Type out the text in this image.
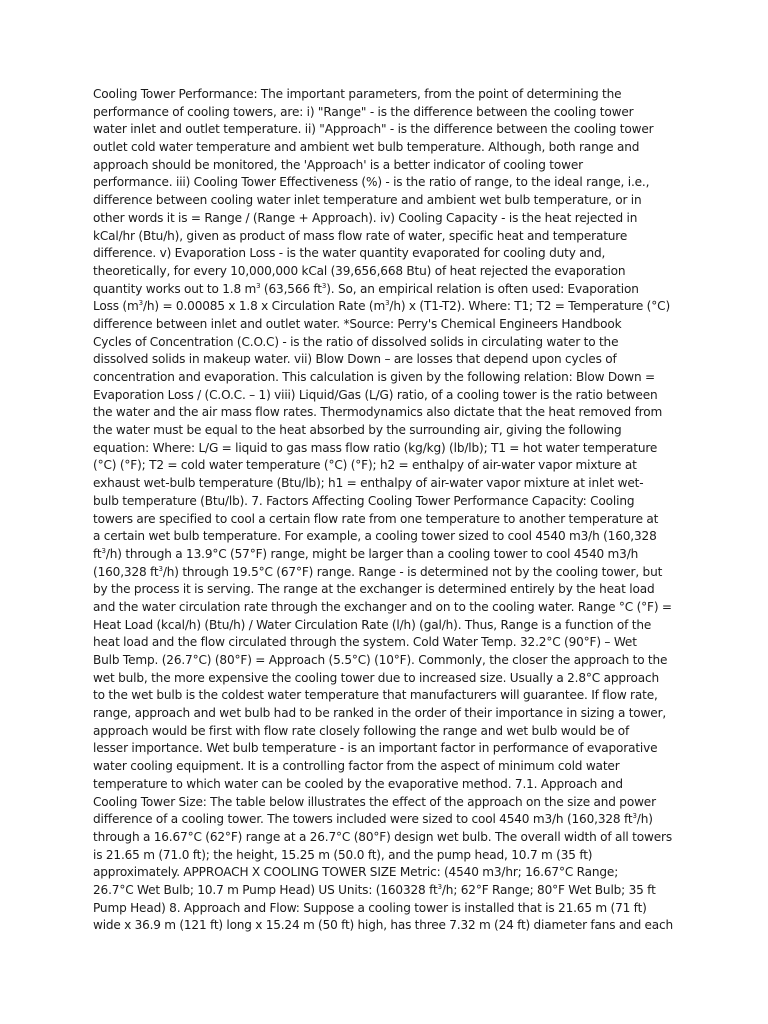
Cooling Tower Performance: The important parameters, from the point of determining the
performance of cooling towers, are: i) "Range" - is the difference between the cooling tower
water inlet and outlet temperature. ii) "Approach" - is the difference between the cooling tower
outlet cold water temperature and ambient wet bulb temperature. Although, both range and
approach should be monitored, the 'Approach' is a better indicator of cooling tower
performance. iii) Cooling Tower Effectiveness (%) - is the ratio of range, to the ideal range, i.e.,
difference between cooling water inlet temperature and ambient wet bulb temperature, or in
other words it is = Range / (Range + Approach). iv) Cooling Capacity - is the heat rejected in
kCal/hr (Btu/h), given as product of mass flow rate of water, specific heat and temperature
difference. v) Evaporation Loss - is the water quantity evaporated for cooling duty and,
theoretically, for every 10,000,000 kCal (39,656,668 Btu) of heat rejected the evaporation
quantity works out to 1.8 $m^3$ (63,566 $ft^3$). So, an empirical relation is often used: Evaporation
Loss $(m^3/h) = 0.00085$ x 1.8 x Circulation Rate $(m^3/h)$ x (T1-T2). Where: T1; T2 = Temperature (°C)
difference between inlet and outlet water. *Source: Perry's Chemical Engineers Handbook
Cycles of Concentration (C.O.C) - is the ratio of dissolved solids in circulating water to the
dissolved solids in makeup water. vii) Blow Down – are losses that depend upon cycles of
concentration and evaporation. This calculation is given by the following relation: Blow Down =
Evaporation Loss / (C.O.C. – 1) viii) Liquid/Gas (L/G) ratio, of a cooling tower is the ratio between
the water and the air mass flow rates. Thermodynamics also dictate that the heat removed from
the water must be equal to the heat absorbed by the surrounding air, giving the following
equation: Where: L/G = liquid to gas mass flow ratio (kg/kg) (lb/lb); T1 = hot water temperature
(°C) (°F); T2 = cold water temperature (°C) (°F); h2 = enthalpy of air-water vapor mixture at
exhaust wet-bulb temperature (Btu/lb); h1 = enthalpy of air-water vapor mixture at inlet wet-
bulb temperature (Btu/lb). 7. Factors Affecting Cooling Tower Performance Capacity: Cooling
towers are specified to cool a certain flow rate from one temperature to another temperature at
a certain wet bulb temperature. For example, a cooling tower sized to cool 4540 m3/h (160,328
$ft^3/h$) through a 13.9°C (57°F) range, might be larger than a cooling tower to cool 4540 m3/h
(160,328 $ft^3/h$) through 19.5°C (67°F) range. Range - is determined not by the cooling tower, but
by the process it is serving. The range at the exchanger is determined entirely by the heat load
and the water circulation rate through the exchanger and on to the cooling water. Range °C (°F) =
Heat Load (kcal/h) (Btu/h) / Water Circulation Rate (l/h) (gal/h). Thus, Range is a function of the
heat load and the flow circulated through the system. Cold Water Temp. 32.2°C (90°F) – Wet
Bulb Temp. (26.7°C) (80°F) = Approach (5.5°C) (10°F). Commonly, the closer the approach to the
wet bulb, the more expensive the cooling tower due to increased size. Usually a 2.8°C approach
to the wet bulb is the coldest water temperature that manufacturers will guarantee. If flow rate,
range, approach and wet bulb had to be ranked in the order of their importance in sizing a tower,
approach would be first with flow rate closely following the range and wet bulb would be of
lesser importance. Wet bulb temperature - is an important factor in performance of evaporative
water cooling equipment. It is a controlling factor from the aspect of minimum cold water
temperature to which water can be cooled by the evaporative method. 7.1. Approach and
Cooling Tower Size: The table below illustrates the effect of the approach on the size and power
difference of a cooling tower. The towers included were sized to cool 4540 m3/h (160,328 $ft^3/h$)
through a 16.67°C (62°F) range at a 26.7°C (80°F) design wet bulb. The overall width of all towers
is 21.65 m (71.0 ft); the height, 15.25 m (50.0 ft), and the pump head, 10.7 m (35 ft)
approximately. APPROACH X COOLING TOWER SIZE Metric: (4540 m3/hr; 16.67°C Range;
26.7°C Wet Bulb; 10.7 m Pump Head) US Units: (160328 $ft^3/h$; 62°F Range; 80°F Wet Bulb; 35 ft
Pump Head) 8. Approach and Flow: Suppose a cooling tower is installed that is 21.65 m (71 ft)
wide x 36.9 m (121 ft) long x 15.24 m (50 ft) high, has three 7.32 m (24 ft) diameter fans and each
